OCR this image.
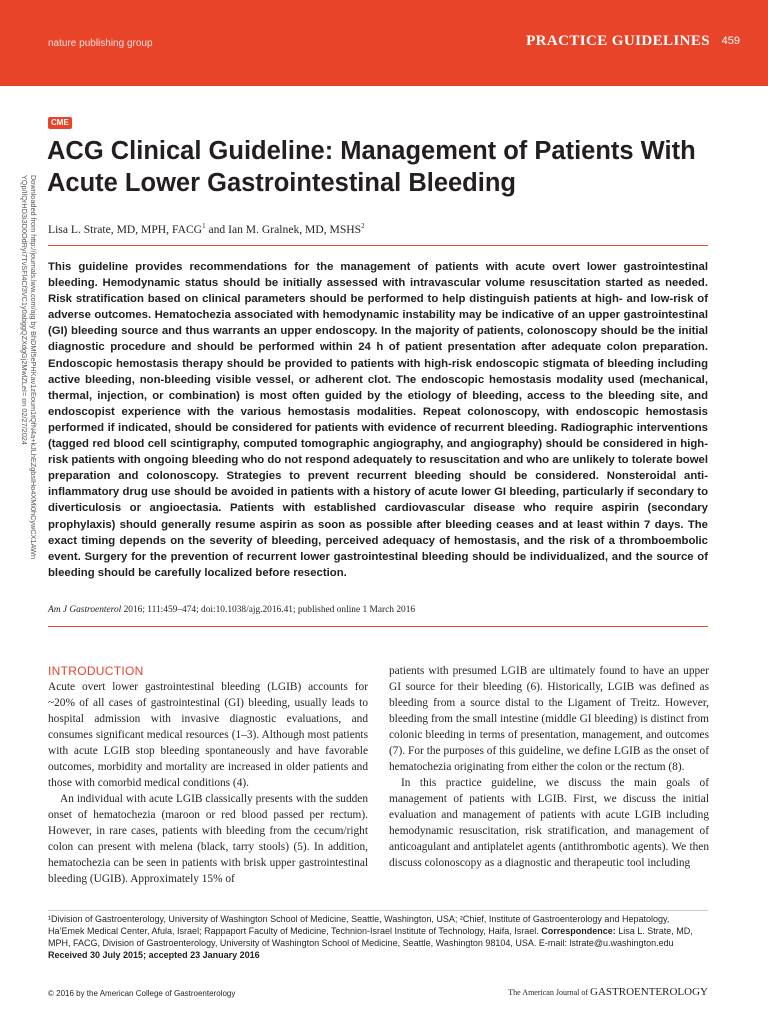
nature publishing group	PRACTICE GUIDELINES 459
Downloaded from http://journals.lww.com/ajg by BhDMf5ePHKav1zEoum1tQfN4a+kJLhEZgbsIHo4XMi0hCywCX1AWn
YQp/IlQrHD3i3D0OdRyi7TvSFl4Cf3VC1y0abggQZXdgGj2MwlZLeI= on 02/27/2024
CME
ACG Clinical Guideline: Management of Patients With Acute Lower Gastrointestinal Bleeding
Lisa L. Strate, MD, MPH, FACG$^1$ and Ian M. Gralnek, MD, MSHS$^2$

This guideline provides recommendations for the management of patients with acute overt lower gastrointestinal bleeding. Hemodynamic status should be initially assessed with intravascular volume resuscitation started as needed. Risk stratification based on clinical parameters should be performed to help distinguish patients at high- and low-risk of adverse outcomes. Hematochezia associated with hemodynamic instability may be indicative of an upper gastrointestinal (GI) bleeding source and thus warrants an upper endoscopy. In the majority of patients, colonoscopy should be the initial diagnostic procedure and should be performed within 24 h of patient presentation after adequate colon preparation. Endoscopic hemostasis therapy should be provided to patients with high-risk endoscopic stigmata of bleeding including active bleeding, non-bleeding visible vessel, or adherent clot. The endoscopic hemostasis modality used (mechanical, thermal, injection, or combination) is most often guided by the etiology of bleeding, access to the bleeding site, and endoscopist experience with the various hemostasis modalities. Repeat colonoscopy, with endoscopic hemostasis performed if indicated, should be considered for patients with evidence of recurrent bleeding. Radiographic interventions (tagged red blood cell scintigraphy, computed tomographic angiography, and angiography) should be considered in high-risk patients with ongoing bleeding who do not respond adequately to resuscitation and who are unlikely to tolerate bowel preparation and colonoscopy. Strategies to prevent recurrent bleeding should be considered. Nonsteroidal anti-inflammatory drug use should be avoided in patients with a history of acute lower GI bleeding, particularly if secondary to diverticulosis or angioectasia. Patients with established cardiovascular disease who require aspirin (secondary prophylaxis) should generally resume aspirin as soon as possible after bleeding ceases and at least within 7 days. The exact timing depends on the severity of bleeding, perceived adequacy of hemostasis, and the risk of a thromboembolic event. Surgery for the prevention of recurrent lower gastrointestinal bleeding should be individualized, and the source of bleeding should be carefully localized before resection.

Am J Gastroenterol 2016; 111:459–474; doi:10.1038/ajg.2016.41; published online 1 March 2016
INTRODUCTION

Acute overt lower gastrointestinal bleeding (LGIB) accounts for ~20% of all cases of gastrointestinal (GI) bleeding, usually leads to hospital admission with invasive diagnostic evaluations, and consumes significant medical resources (1–3). Although most patients with acute LGIB stop bleeding spontaneously and have favorable outcomes, morbidity and mortality are increased in older patients and those with comorbid medical conditions (4).

An individual with acute LGIB classically presents with the sudden onset of hematochezia (maroon or red blood passed per rectum). However, in rare cases, patients with bleeding from the cecum/right colon can present with melena (black, tarry stools) (5). In addition, hematochezia can be seen in patients with brisk upper gastrointestinal bleeding (UGIB). Approximately 15% of

patients with presumed LGIB are ultimately found to have an upper GI source for their bleeding (6). Historically, LGIB was defined as bleeding from a source distal to the Ligament of Treitz. However, bleeding from the small intestine (middle GI bleeding) is distinct from colonic bleeding in terms of presentation, management, and outcomes (7). For the purposes of this guideline, we define LGIB as the onset of hematochezia originating from either the colon or the rectum (8).

In this practice guideline, we discuss the main goals of management of patients with LGIB. First, we discuss the initial evaluation and management of patients with acute LGIB including hemodynamic resuscitation, risk stratification, and management of anticoagulant and antiplatelet agents (antithrombotic agents). We then discuss colonoscopy as a diagnostic and therapeutic tool including

¹Division of Gastroenterology, University of Washington School of Medicine, Seattle, Washington, USA; ²Chief, Institute of Gastroenterology and Hepatology, Ha’Emek Medical Center, Afula, Israel; Rappaport Faculty of Medicine, Technion-Israel Institute of Technology, Haifa, Israel. Correspondence: Lisa L. Strate, MD, MPH, FACG, Division of Gastroenterology, University of Washington School of Medicine, Seattle, Washington 98104, USA. E-mail: lstrate@u.washington.edu
Received 30 July 2015; accepted 23 January 2016
© 2016 by the American College of Gastroenterology	The American Journal of GASTROENTEROLOGY
